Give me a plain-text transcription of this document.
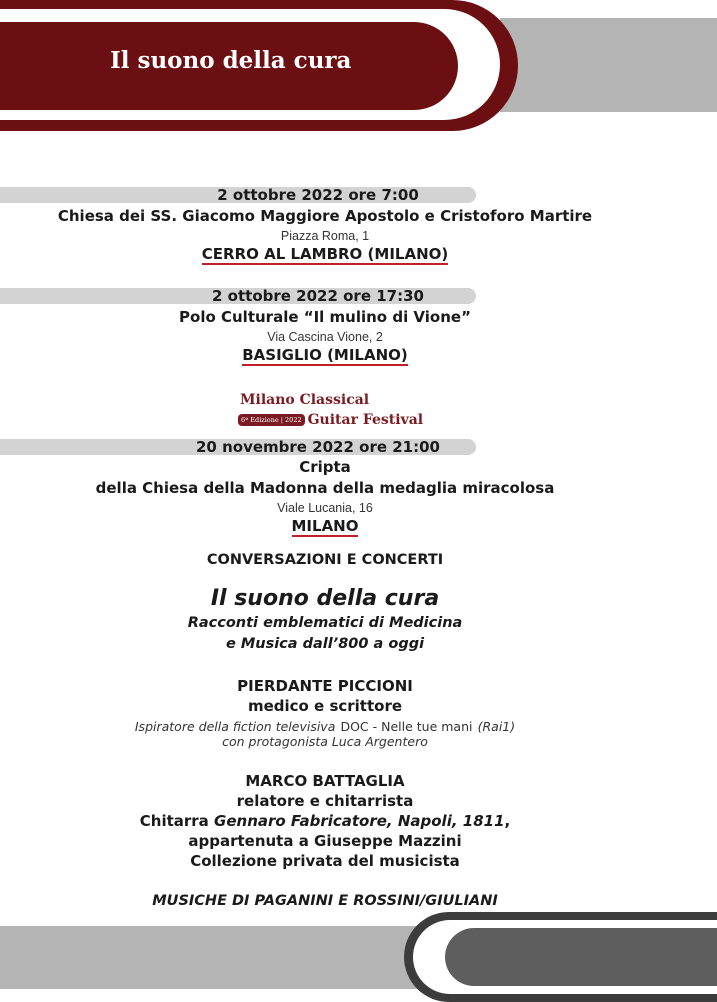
Il suono della cura
2 ottobre 2022 ore 7:00
Chiesa dei SS. Giacomo Maggiore Apostolo e Cristoforo Martire
Piazza Roma, 1
CERRO AL LAMBRO (MILANO)
2 ottobre 2022 ore 17:30
Polo Culturale “Il mulino di Vione”
Via Cascina Vione, 2
BASIGLIO (MILANO)
Milano Classical
6ª Edizione | 2022 Guitar Festival
20 novembre 2022 ore 21:00
Cripta
della Chiesa della Madonna della medaglia miracolosa
Viale Lucania, 16
MILANO
CONVERSAZIONI E CONCERTI
Il suono della cura
Racconti emblematici di Medicina
e Musica dall’800 a oggi
PIERDANTE PICCIONI
medico e scrittore
Ispiratore della fiction televisiva DOC - Nelle tue mani (Rai1)
con protagonista Luca Argentero
MARCO BATTAGLIA
relatore e chitarrista
Chitarra Gennaro Fabricatore, Napoli, 1811,
appartenuta a Giuseppe Mazzini
Collezione privata del musicista
MUSICHE DI PAGANINI E ROSSINI/GIULIANI
